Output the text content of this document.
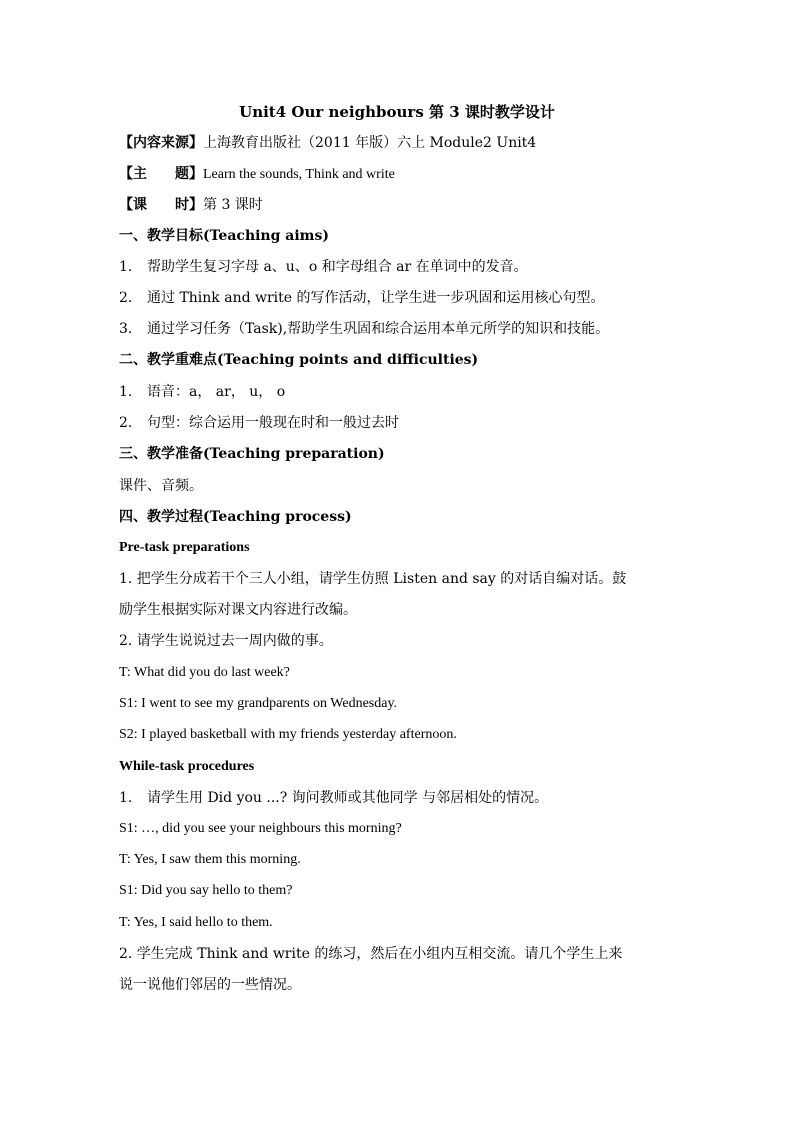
Unit4 Our neighbours 第 3 课时教学设计
【内容来源】上海教育出版社（2011 年版）六上 Module2 Unit4
【主 题】Learn the sounds, Think and write
【课 时】第 3 课时
一、教学目标(Teaching aims)
1. 帮助学生复习字母 a、u、o 和字母组合 ar 在单词中的发音。
2. 通过 Think and write 的写作活动，让学生进一步巩固和运用核心句型。
3. 通过学习任务（Task),帮助学生巩固和综合运用本单元所学的知识和技能。
二、教学重难点(Teaching points and difficulties)
1. 语音：a， ar， u， o
2. 句型：综合运用一般现在时和一般过去时
三、教学准备(Teaching preparation)
课件、音频。
四、教学过程(Teaching process)
Pre-task preparations
1. 把学生分成若干个三人小组，请学生仿照 Listen and say 的对话自编对话。鼓
励学生根据实际对课文内容进行改编。
2. 请学生说说过去一周内做的事。
T: What did you do last week?
S1: I went to see my grandparents on Wednesday.
S2: I played basketball with my friends yesterday afternoon.
While-task procedures
1. 请学生用 Did you ...? 询问教师或其他同学 与邻居相处的情况。
S1: …, did you see your neighbours this morning?
T: Yes, I saw them this morning.
S1: Did you say hello to them?
T: Yes, I said hello to them.
2. 学生完成 Think and write 的练习，然后在小组内互相交流。请几个学生上来
说一说他们邻居的一些情况。
